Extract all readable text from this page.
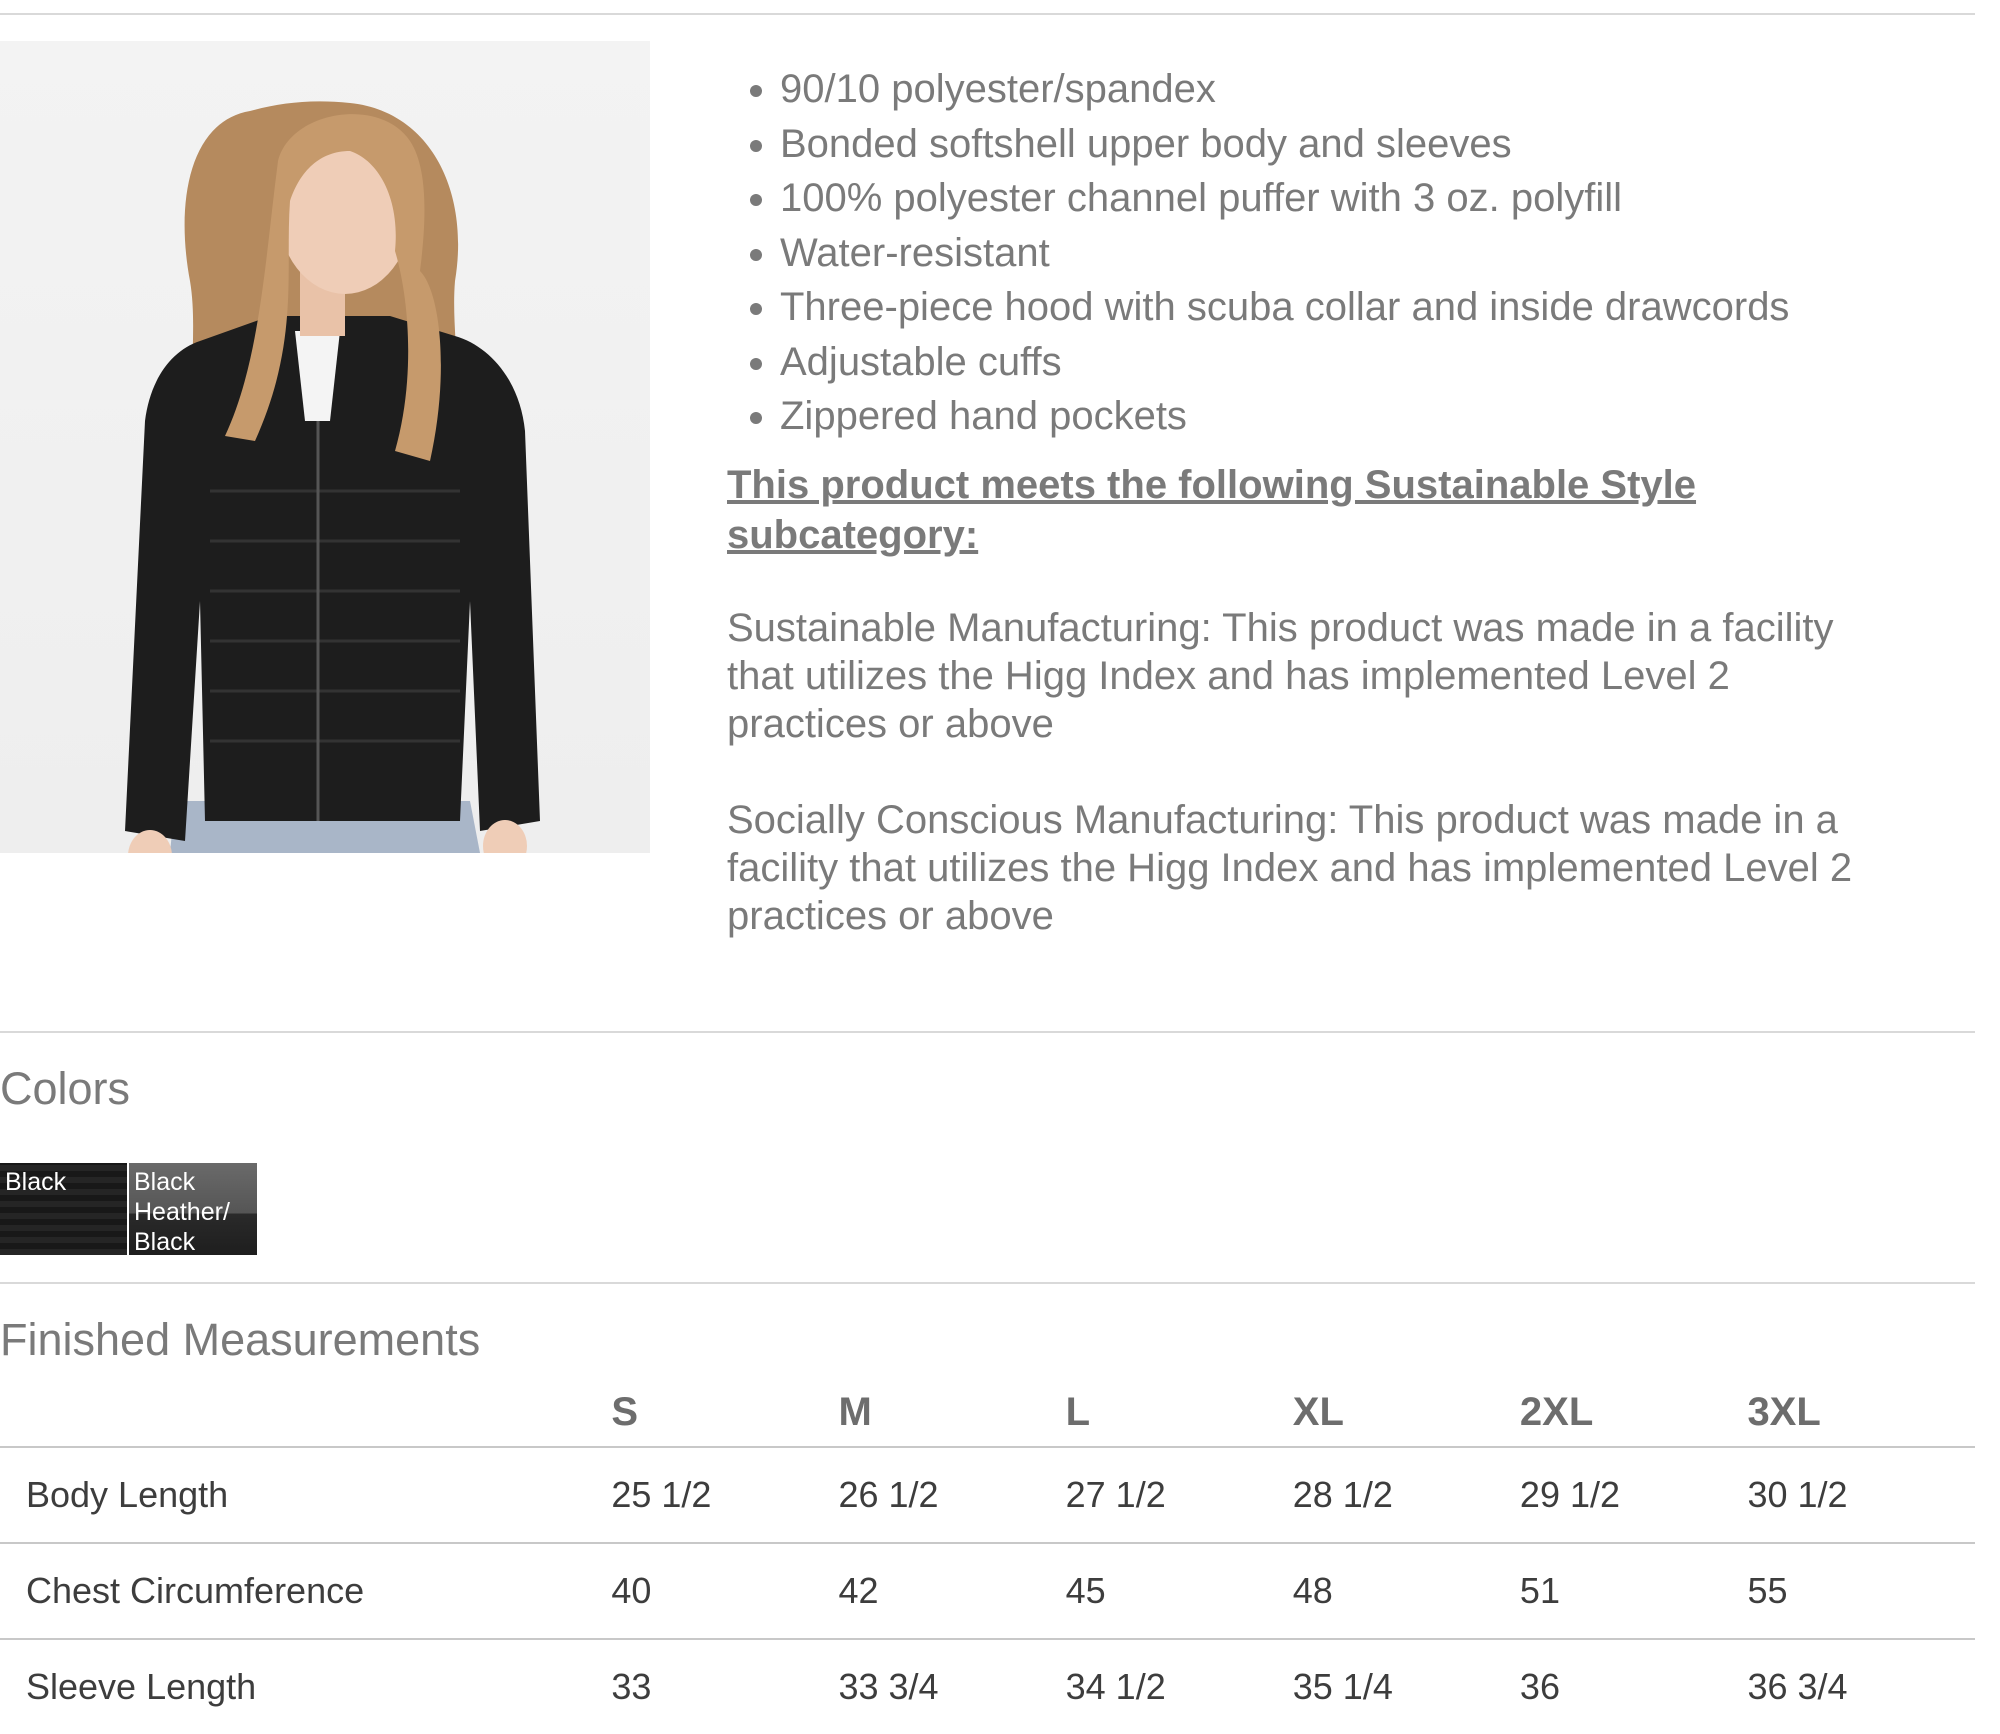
• 90/10 polyester/spandex
• Bonded softshell upper body and sleeves
• 100% polyester channel puffer with 3 oz. polyfill
• Water-resistant
• Three-piece hood with scuba collar and inside drawcords
• Adjustable cuffs
• Zippered hand pockets

This product meets the following Sustainable Style subcategory:

Sustainable Manufacturing: This product was made in a facility that utilizes the Higg Index and has implemented Level 2 practices or above

Socially Conscious Manufacturing: This product was made in a facility that utilizes the Higg Index and has implemented Level 2 practices or above

Colors
Black	Black Heather/ Black
Finished Measurements
	S	M	L	XL	2XL	3XL
Body Length	25 1/2	26 1/2	27 1/2	28 1/2	29 1/2	30 1/2
Chest Circumference	40	42	45	48	51	55
Sleeve Length	33	33 3/4	34 1/2	35 1/4	36	36 3/4
